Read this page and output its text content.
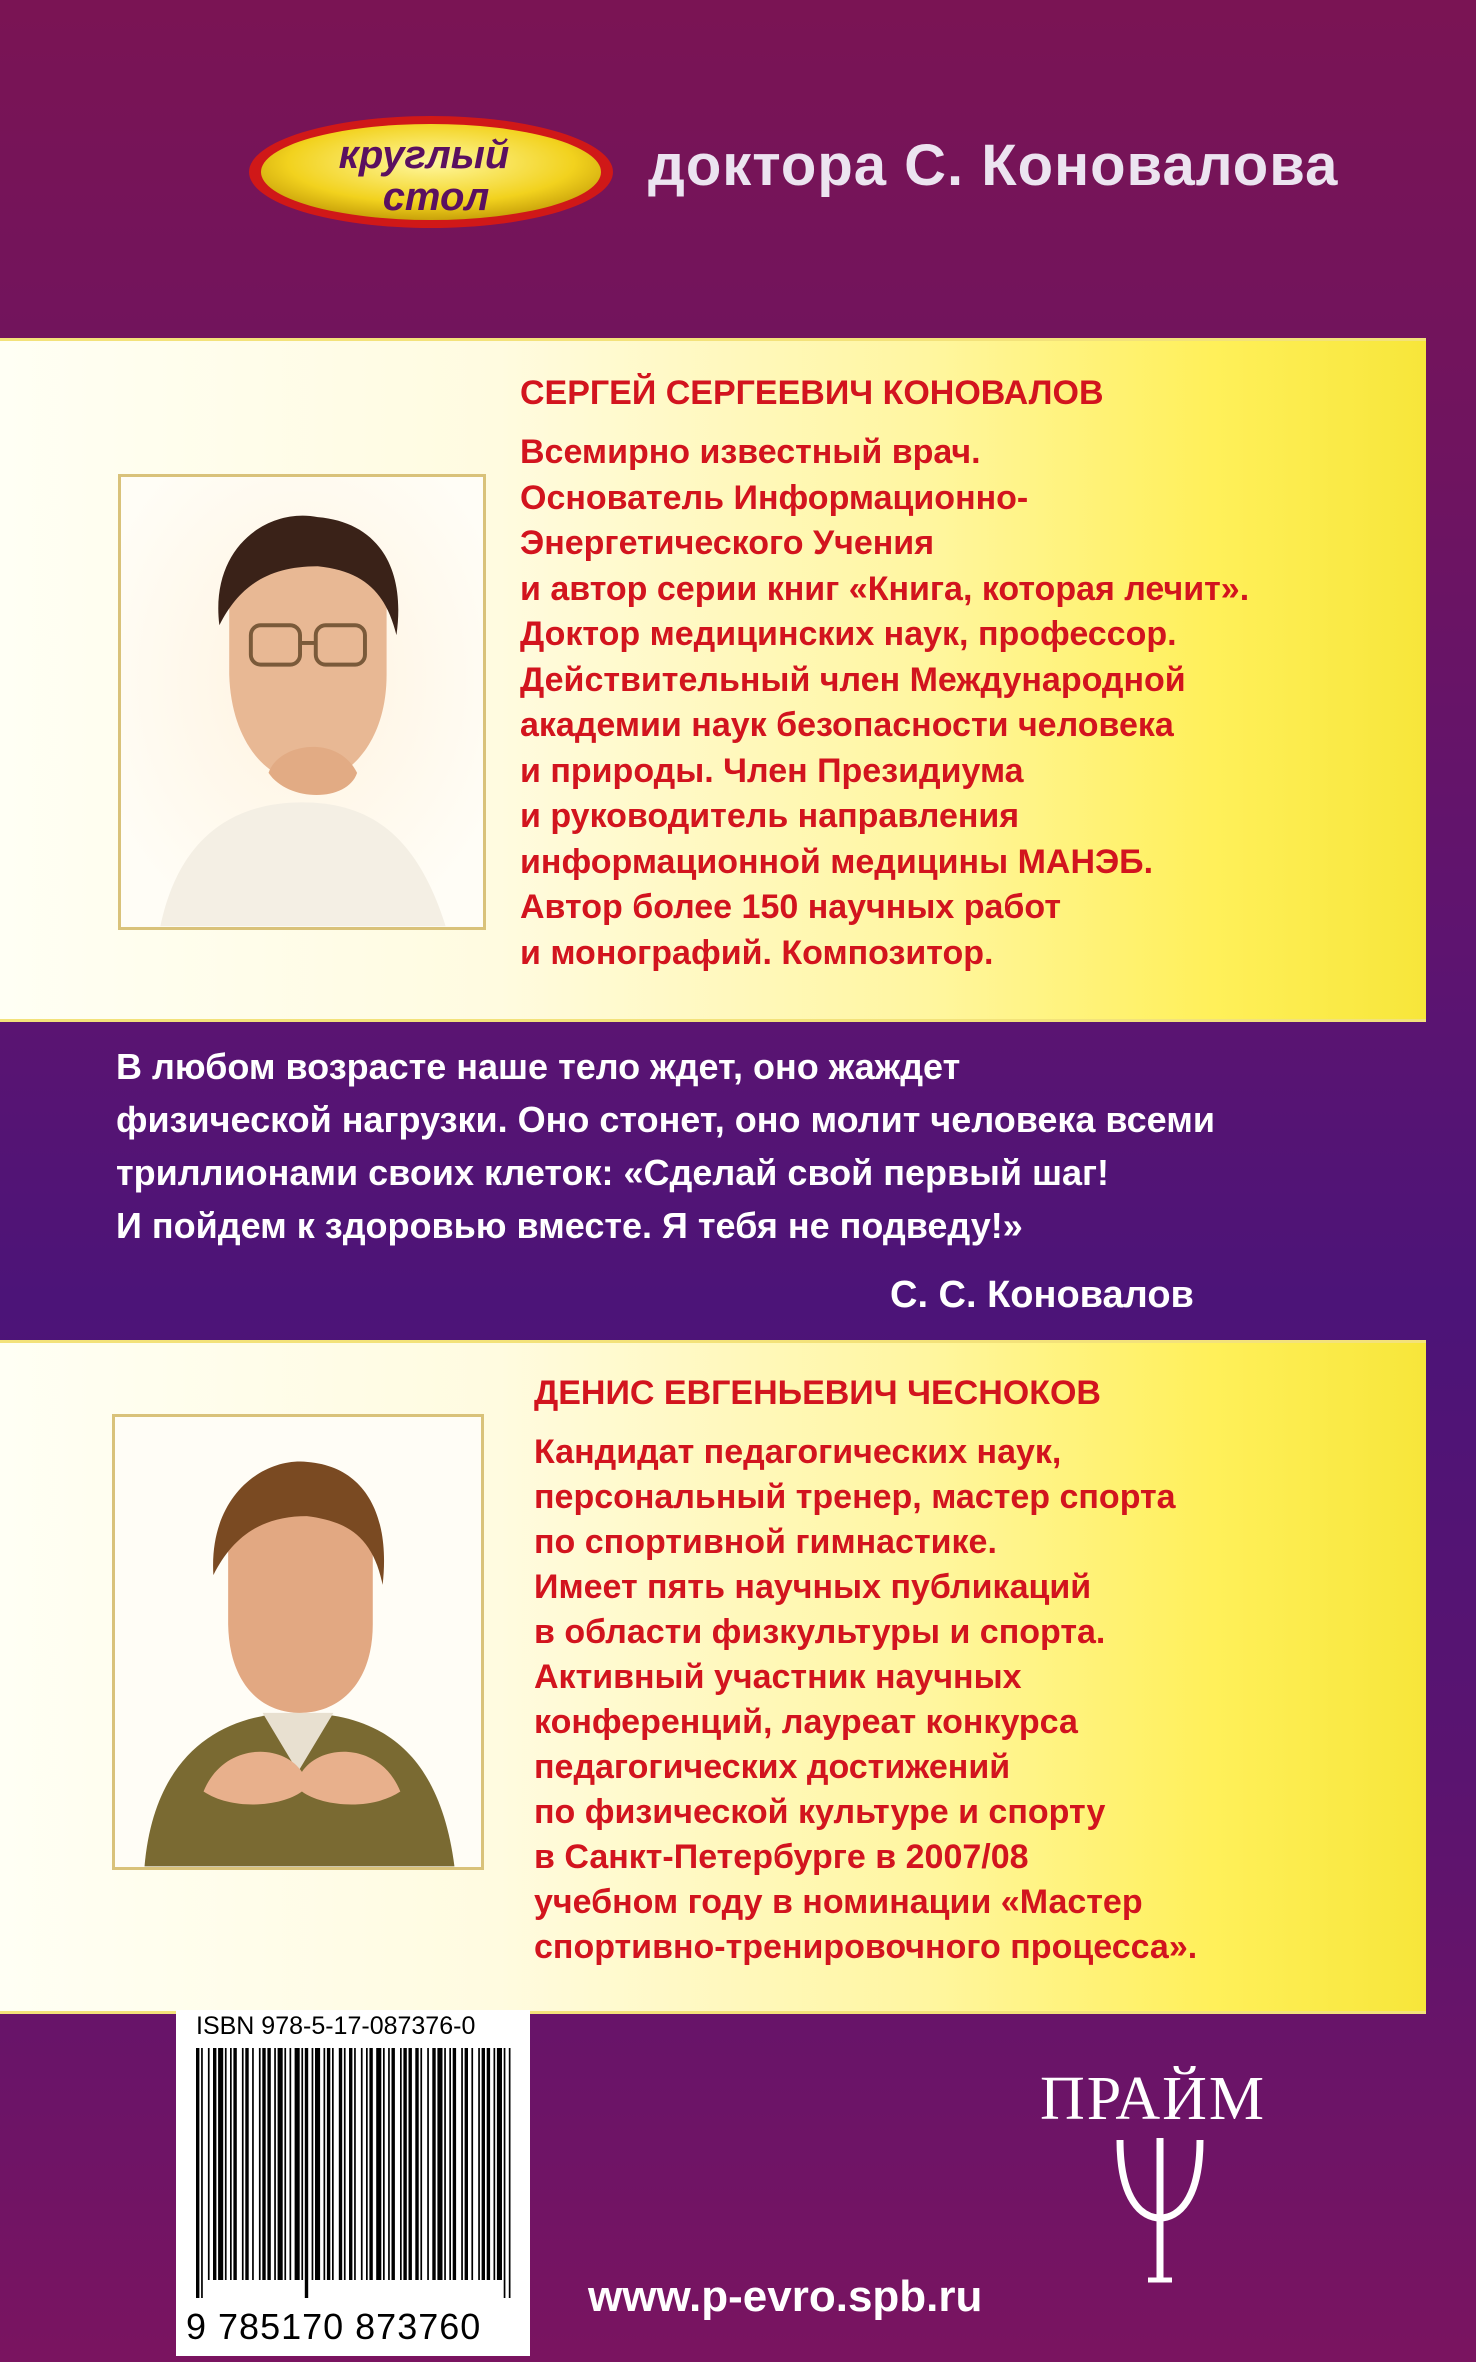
круглый
стол	доктора С. Коновалова
СЕРГЕЙ СЕРГЕЕВИЧ КОНОВАЛОВ
Всемирно известный врач.
Основатель Информационно-
Энергетического Учения
и автор серии книг «Книга, которая лечит».
Доктор медицинских наук, профессор.
Действительный член Международной
академии наук безопасности человека
и природы. Член Президиума
и руководитель направления
информационной медицины МАНЭБ.
Автор более 150 научных работ
и монографий. Композитор.
В любом возрасте наше тело ждет, оно жаждет
физической нагрузки. Оно стонет, оно молит человека всеми
триллионами своих клеток: «Сделай свой первый шаг!
И пойдем к здоровью вместе. Я тебя не подведу!»
С. С. Коновалов
ДЕНИС ЕВГЕНЬЕВИЧ ЧЕСНОКОВ
Кандидат педагогических наук,
персональный тренер, мастер спорта
по спортивной гимнастике.
Имеет пять научных публикаций
в области физкультуры и спорта.
Активный участник научных
конференций, лауреат конкурса
педагогических достижений
по физической культуре и спорту
в Санкт-Петербурге в 2007/08
учебном году в номинации «Мастер
спортивно-тренировочного процесса».
ISBN 978-5-17-087376-0
9 785170 873760
ПРАЙМ
www.p-evro.spb.ru
